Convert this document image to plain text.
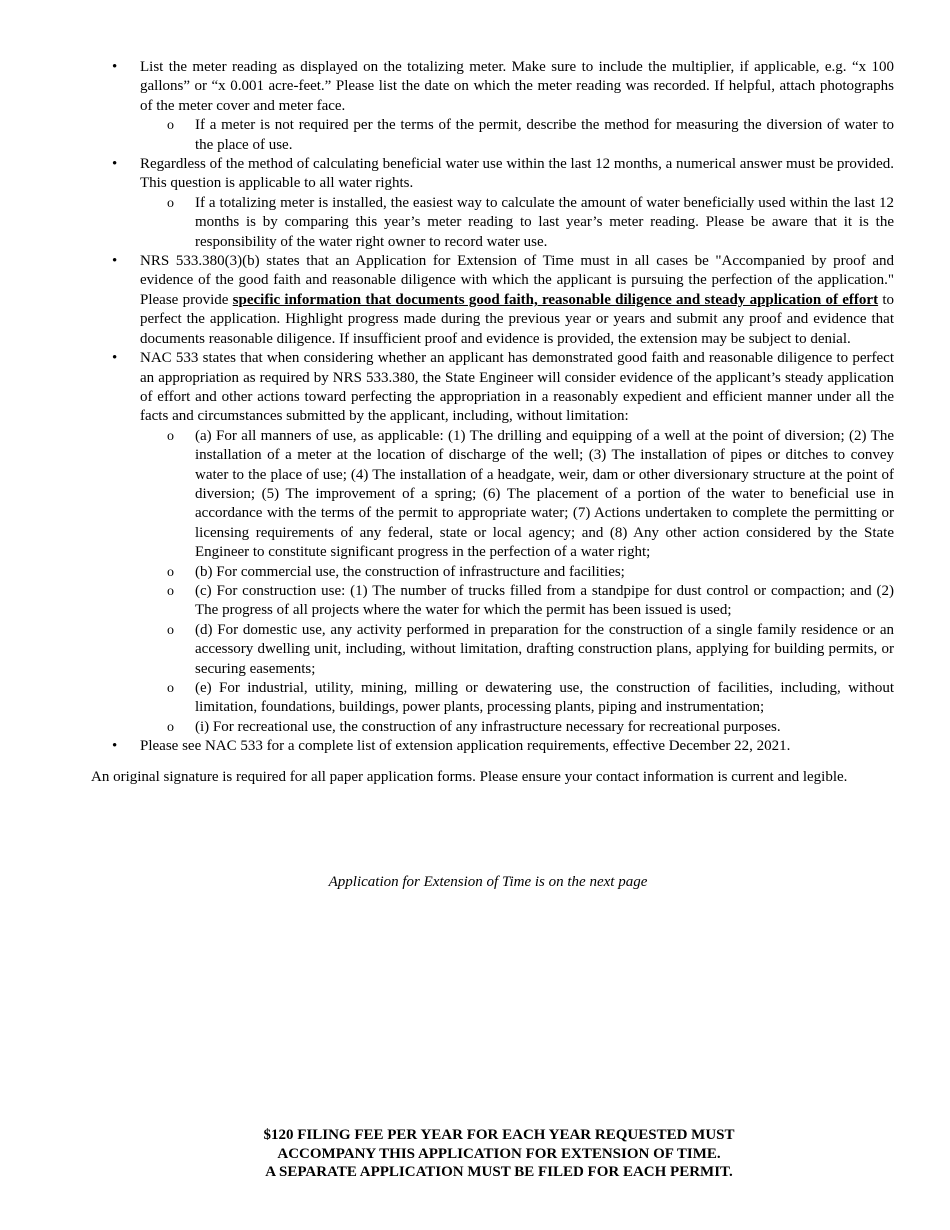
• List the meter reading as displayed on the totalizing meter. Make sure to include the multiplier, if applicable, e.g. “x 100 gallons” or “x 0.001 acre-feet.” Please list the date on which the meter reading was recorded. If helpful, attach photographs of the meter cover and meter face.
o If a meter is not required per the terms of the permit, describe the method for measuring the diversion of water to the place of use.
• Regardless of the method of calculating beneficial water use within the last 12 months, a numerical answer must be provided. This question is applicable to all water rights.
o If a totalizing meter is installed, the easiest way to calculate the amount of water beneficially used within the last 12 months is by comparing this year’s meter reading to last year’s meter reading. Please be aware that it is the responsibility of the water right owner to record water use.
• NRS 533.380(3)(b) states that an Application for Extension of Time must in all cases be "Accompanied by proof and evidence of the good faith and reasonable diligence with which the applicant is pursuing the perfection of the application." Please provide specific information that documents good faith, reasonable diligence and steady application of effort to perfect the application. Highlight progress made during the previous year or years and submit any proof and evidence that documents reasonable diligence. If insufficient proof and evidence is provided, the extension may be subject to denial.
• NAC 533 states that when considering whether an applicant has demonstrated good faith and reasonable diligence to perfect an appropriation as required by NRS 533.380, the State Engineer will consider evidence of the applicant’s steady application of effort and other actions toward perfecting the appropriation in a reasonably expedient and efficient manner under all the facts and circumstances submitted by the applicant, including, without limitation:
o (a) For all manners of use, as applicable: (1) The drilling and equipping of a well at the point of diversion; (2) The installation of a meter at the location of discharge of the well; (3) The installation of pipes or ditches to convey water to the place of use; (4) The installation of a headgate, weir, dam or other diversionary structure at the point of diversion; (5) The improvement of a spring; (6) The placement of a portion of the water to beneficial use in accordance with the terms of the permit to appropriate water; (7) Actions undertaken to complete the permitting or licensing requirements of any federal, state or local agency; and (8) Any other action considered by the State Engineer to constitute significant progress in the perfection of a water right;
o (b) For commercial use, the construction of infrastructure and facilities;
o (c) For construction use: (1) The number of trucks filled from a standpipe for dust control or compaction; and (2) The progress of all projects where the water for which the permit has been issued is used;
o (d) For domestic use, any activity performed in preparation for the construction of a single family residence or an accessory dwelling unit, including, without limitation, drafting construction plans, applying for building permits, or securing easements;
o (e) For industrial, utility, mining, milling or dewatering use, the construction of facilities, including, without limitation, foundations, buildings, power plants, processing plants, piping and instrumentation;
o (i) For recreational use, the construction of any infrastructure necessary for recreational purposes.
• Please see NAC 533 for a complete list of extension application requirements, effective December 22, 2021.
An original signature is required for all paper application forms. Please ensure your contact information is current and legible.
Application for Extension of Time is on the next page
$120 FILING FEE PER YEAR FOR EACH YEAR REQUESTED MUST
ACCOMPANY THIS APPLICATION FOR EXTENSION OF TIME.
A SEPARATE APPLICATION MUST BE FILED FOR EACH PERMIT.
